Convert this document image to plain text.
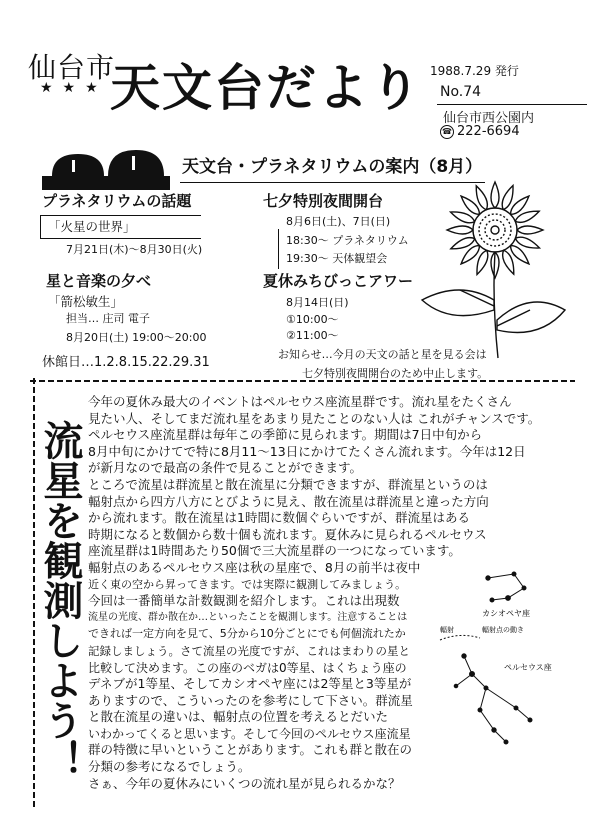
仙台市
★★★ 天文台だより 1988.7.29 発行
No.74
仙台市西公園内
☎ 222-6694
天文台・プラネタリウムの案内（8月）
プラネタリウムの話題
「火星の世界」
7月21日(木)～8月30日(火)
七夕特別夜間開台
8月6日(土)、7日(日)
18:30～ プラネタリウム
19:30～ 天体観望会
星と音楽の夕べ
「箭松敏生」
担当… 庄司 電子
8月20日(土) 19:00～20:00
夏休みちびっこアワー
8月14日(日)
①10:00～
②11:00～
休館日…1.2.8.15.22.29.31
お知らせ…今月の天文の話と星を見る会は
七夕特別夜間開台のため中止します。
流星を観測しよう！
今年の夏休み最大のイベントはペルセウス座流星群です。流れ星をたくさん
見たい人、そしてまだ流れ星をあまり見たことのない人は これがチャンスです。
ペルセウス座流星群は毎年この季節に見られます。期間は7日中旬から
8月中旬にかけてで特に8月11～13日にかけてたくさん流れます。今年は12日
が新月なので最高の条件で見ることができます。
ところで流星は群流星と散在流星に分類できますが、群流星というのは
輻射点から四方八方にとびように見え、散在流星は群流星と違った方向
から流れます。散在流星は1時間に数個ぐらいですが、群流星はある
時期になると数個から数十個も流れます。夏休みに見られるペルセウス
座流星群は1時間あたり50個で三大流星群の一つになっています。
輻射点のあるペルセウス座は秋の星座で、8月の前半は夜中
近く東の空から昇ってきます。では実際に観測してみましょう。
今回は一番簡単な計数観測を紹介します。これは出現数
流星の光度、群か散在か…といったことを観測します。注意することは
できれば一定方向を見て、5分から10分ごとにでも何個流れたか
記録しましょう。さて流星の光度ですが、これはまわりの星と
比較して決めます。この座のベガは0等星、はくちょう座の
デネブが1等星、そしてカシオペヤ座には2等星と3等星が
ありますので、こういったのを参考にして下さい。群流星
と散在流星の違いは、輻射点の位置を考えるとだいた
いわかってくると思います。そして今回のペルセウス座流星
群の特徴に早いということがあります。これも群と散在の
分類の参考になるでしょう。
さぁ、今年の夏休みにいくつの流れ星が見られるかな？
カシオペヤ座
ペルセウス座
輻射点の動き
輻射
